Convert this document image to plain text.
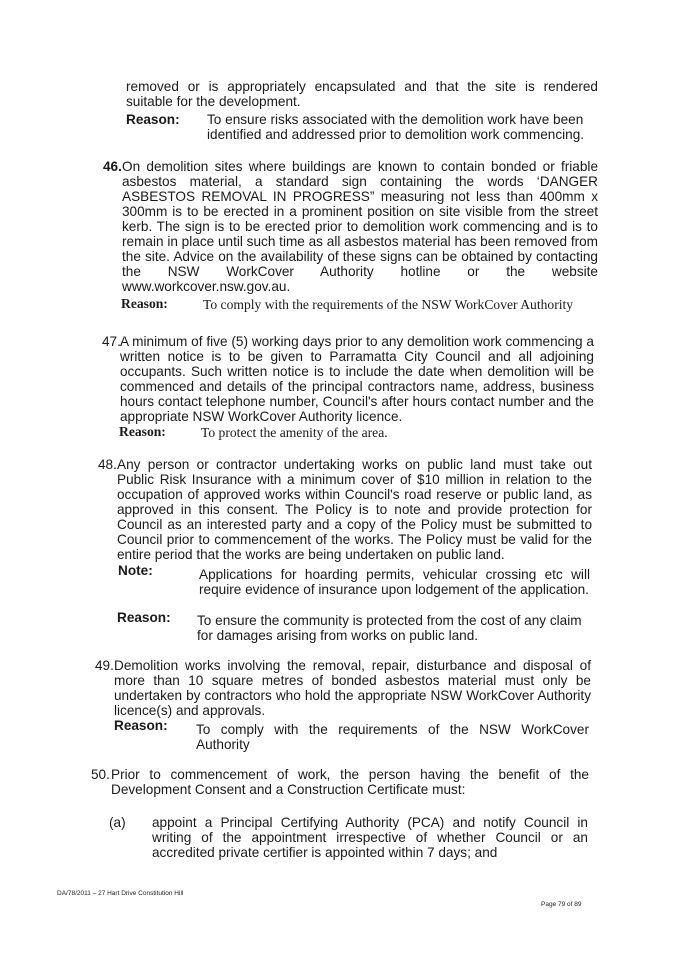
removed or is appropriately encapsulated and that the site is rendered suitable for the development.
Reason: To ensure risks associated with the demolition work have been identified and addressed prior to demolition work commencing.
46. On demolition sites where buildings are known to contain bonded or friable asbestos material, a standard sign containing the words ‘DANGER ASBESTOS REMOVAL IN PROGRESS” measuring not less than 400mm x 300mm is to be erected in a prominent position on site visible from the street kerb. The sign is to be erected prior to demolition work commencing and is to remain in place until such time as all asbestos material has been removed from the site. Advice on the availability of these signs can be obtained by contacting the NSW WorkCover Authority hotline or the website www.workcover.nsw.gov.au.
Reason:	To comply with the requirements of the NSW WorkCover Authority
47. A minimum of five (5) working days prior to any demolition work commencing a written notice is to be given to Parramatta City Council and all adjoining occupants. Such written notice is to include the date when demolition will be commenced and details of the principal contractors name, address, business hours contact telephone number, Council's after hours contact number and the appropriate NSW WorkCover Authority licence.
Reason:	To protect the amenity of the area.
48. Any person or contractor undertaking works on public land must take out Public Risk Insurance with a minimum cover of $10 million in relation to the occupation of approved works within Council's road reserve or public land, as approved in this consent. The Policy is to note and provide protection for Council as an interested party and a copy of the Policy must be submitted to Council prior to commencement of the works. The Policy must be valid for the entire period that the works are being undertaken on public land.
Note:	Applications for hoarding permits, vehicular crossing etc will require evidence of insurance upon lodgement of the application.
Reason: To ensure the community is protected from the cost of any claim for damages arising from works on public land.
49. Demolition works involving the removal, repair, disturbance and disposal of more than 10 square metres of bonded asbestos material must only be undertaken by contractors who hold the appropriate NSW WorkCover Authority licence(s) and approvals.
Reason: To comply with the requirements of the NSW WorkCover Authority
50. Prior to commencement of work, the person having the benefit of the Development Consent and a Construction Certificate must:
(a) appoint a Principal Certifying Authority (PCA) and notify Council in writing of the appointment irrespective of whether Council or an accredited private certifier is appointed within 7 days; and
DA/78/2011 – 27 Hart Drive Constitution Hill
Page 79 of 89
